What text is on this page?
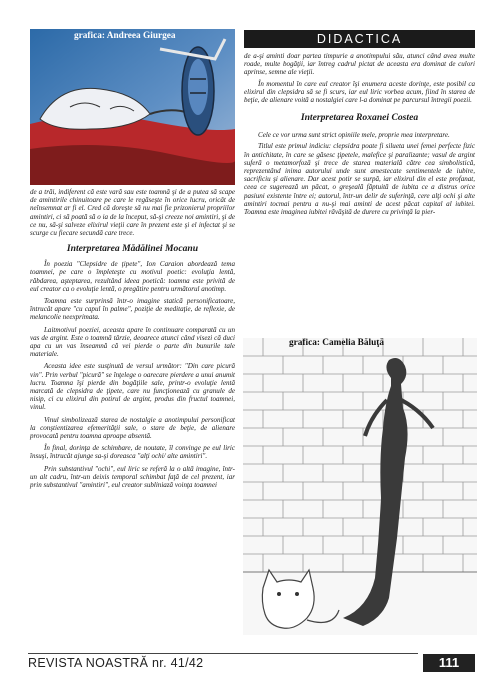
DIDACTICA
grafica: Andreea Giurgea

de a trăi, indiferent că este vară sau este toamnă şi de a putea să scape de amintirile chinuitoare pe care le regăseşte în orice lucru, oricât de neînsemnat ar fi el. Cred că doreşte să nu mai fie prizonierul propriilor amintiri, ci să poată să o ia de la început, să-şi creeze noi amintiri, şi de ce nu, să-şi salveze elixirul vieţii care în prezent este şi el infectat şi se scurge cu fiecare secundă care trece.

Interpretarea Mădălinei Mocanu

În poezia "Clepsidre de ţipete", Ion Caraion abordează tema toamnei, pe care o împleteşte cu motivul poetic: evoluţia lentă, răbdarea, aşteptarea, rezultând ideea poetică: toamna este privită de eul creator ca o evoluţie lentă, o pregătire pentru următorul anotimp.

Toamna este surprinsă într-o imagine statică personificatoare, întrucât apare "cu capul în palme", poziţie de meditaţie, de reflexie, de melancolie neexprimata.

Laitmotivul poeziei, aceasta apare în continuare comparată cu un vas de argint. Este o toamnă târzie, deoarece atunci când visezi că duci apa cu un vas înseamnă că vei pierde o parte din bunurile tale materiale.

Aceasta idee este susţinută de versul următor: "Din care picură vin". Prin verbul "picură" se înţelege o oarecare pierdere a unui anumit lucru. Toamna îşi pierde din bogăţiile sale, printr-o evoluţie lentă marcată de clepsidra de ţipete, care nu funcţionează cu granule de nisip, ci cu elixirul din potirul de argint, produs din fructul toamnei, vinul.

Vinul simbolizează starea de nostalgie a anotimpului personificat la conştientizarea efemerităţii sale, o stare de beţie, de alienare provocată pentru toamna aproape absentă.

În final, dorinţa de schimbare, de noutate, îl convinge pe eul liric însuşi, întrucât ajunge sa-şi doreasca "alţi ochi/ alte amintiri".

Prin substantivul "ochi", eul liric se referă la o altă imagine, într-un alt cadru, într-un deixis temporal schimbat faţă de cel prezent, iar prin substantivul "amintiri", eul creator subliniază voinţa toamnei

de a-şi aminti doar partea timpurie a anotimpului său, atunci când avea multe roade, multe bogăţii, iar întreg cadrul pictat de aceasta era dominat de culori aprinse, semne ale vieţii.

În momentul în care eul creator îşi enumera aceste dorinţe, este posibil ca elixirul din clepsidra să se fi scurs, iar eul liric vorbea acum, fiind în starea de beţie, de alienare voită a nostalgiei care l-a dominat pe parcursul întregii poezii.

Interpretarea Roxanei Costea

Cele ce vor urma sunt strict opiniile mele, proprie mea interpretare.

Titlul este primul indiciu: clepsidra poate fi silueta unei femei perfecte fizic în antichitate, în care se găsesc ţipetele, malefice şi paralizante; vasul de argint suferă o metamorfoză şi trece de starea materială către cea simbolistică, reprezentând inima autorului unde sunt amestecate sentimentele de iubire, sacrificiu şi alienare. Dar acest potir se surpă, iar elixirul din el este profanat, ceea ce sugerează un păcat, o greşeală făptuită de iubita ce a distrus orice pasiuni existente între ei; autorul, într-un delir de suferinţă, cere alţi ochi şi alte amintiri tocmai pentru a nu-şi mai aminti de acest păcat capital al iubitei. Toamna este imaginea iubitei răvăşită de durere cu privinţă la pier-

grafica: Camelia Băluţă
REVISTA NOASTRĂ nr. 41/42	111
